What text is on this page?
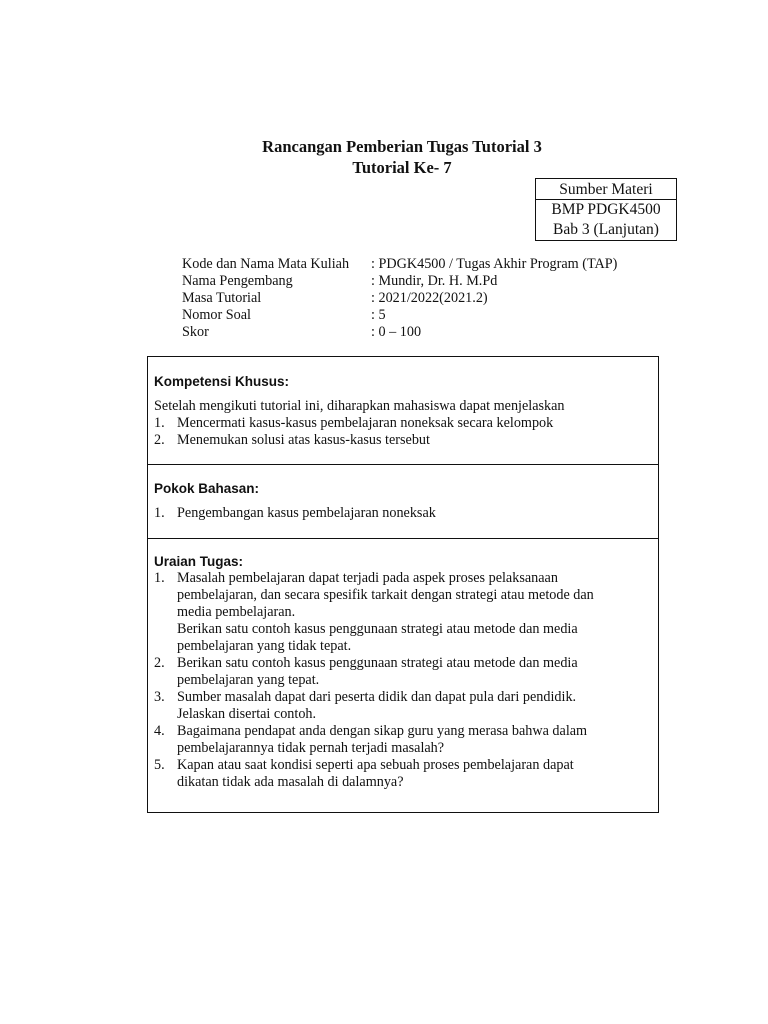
Rancangan Pemberian Tugas Tutorial 3
Tutorial Ke- 7
Sumber Materi
BMP PDGK4500
Bab 3 (Lanjutan)
Kode dan Nama Mata Kuliah	: PDGK4500 / Tugas Akhir Program (TAP)
Nama Pengembang	: Mundir, Dr. H. M.Pd
Masa Tutorial	: 2021/2022(2021.2)
Nomor Soal	: 5
Skor	: 0 – 100
Kompetensi Khusus:
Setelah mengikuti tutorial ini, diharapkan mahasiswa dapat menjelaskan
1. Mencermati kasus-kasus pembelajaran noneksak secara kelompok
2. Menemukan solusi atas kasus-kasus tersebut
Pokok Bahasan:
1. Pengembangan kasus pembelajaran noneksak
Uraian Tugas:
1. Masalah pembelajaran dapat terjadi pada aspek proses pelaksanaan
pembelajaran, dan secara spesifik tarkait dengan strategi atau metode dan
media pembelajaran.
Berikan satu contoh kasus penggunaan strategi atau metode dan media
pembelajaran yang tidak tepat.
2. Berikan satu contoh kasus penggunaan strategi atau metode dan media
pembelajaran yang tepat.
3. Sumber masalah dapat dari peserta didik dan dapat pula dari pendidik.
Jelaskan disertai contoh.
4. Bagaimana pendapat anda dengan sikap guru yang merasa bahwa dalam
pembelajarannya tidak pernah terjadi masalah?
5. Kapan atau saat kondisi seperti apa sebuah proses pembelajaran dapat
dikatan tidak ada masalah di dalamnya?
